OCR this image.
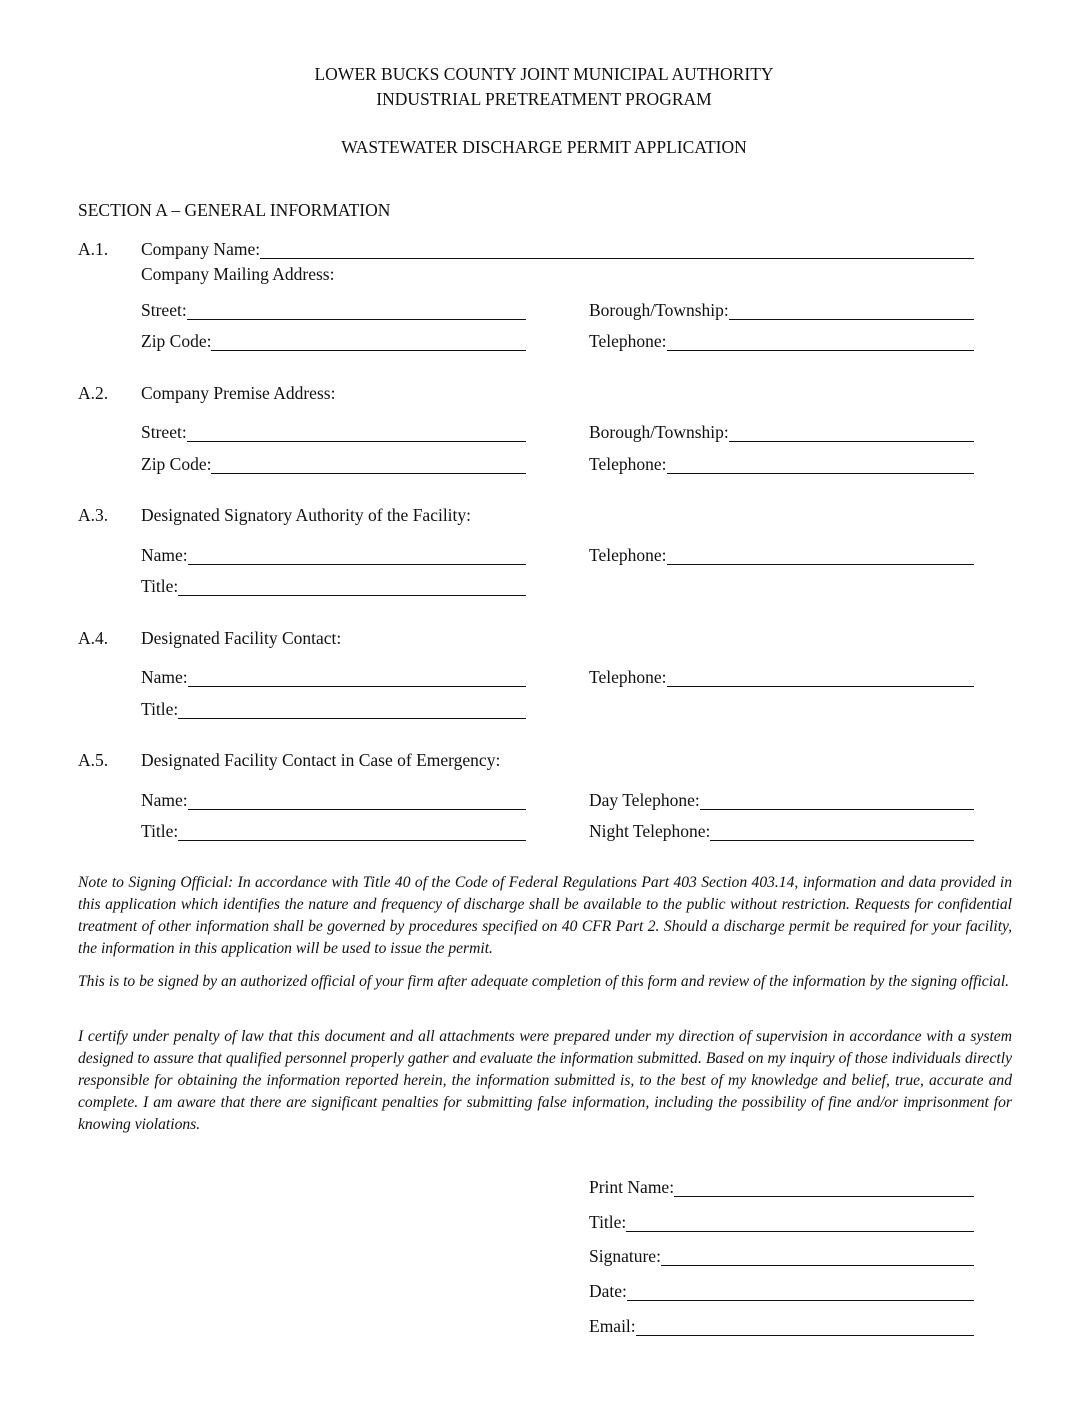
LOWER BUCKS COUNTY JOINT MUNICIPAL AUTHORITY
INDUSTRIAL PRETREATMENT PROGRAM
WASTEWATER DISCHARGE PERMIT APPLICATION
SECTION A – GENERAL INFORMATION
A.1. Company Name:
Company Mailing Address:
Street:	Borough/Township:
Zip Code:	Telephone:
A.2. Company Premise Address:
Street:	Borough/Township:
Zip Code:	Telephone:
A.3. Designated Signatory Authority of the Facility:
Name:	Telephone:
Title:
A.4. Designated Facility Contact:
Name:	Telephone:
Title:
A.5. Designated Facility Contact in Case of Emergency:
Name:	Day Telephone:
Title:	Night Telephone:
Note to Signing Official: In accordance with Title 40 of the Code of Federal Regulations Part 403 Section 403.14, information and data provided in this application which identifies the nature and frequency of discharge shall be available to the public without restriction. Requests for confidential treatment of other information shall be governed by procedures specified on 40 CFR Part 2. Should a discharge permit be required for your facility, the information in this application will be used to issue the permit.
This is to be signed by an authorized official of your firm after adequate completion of this form and review of the information by the signing official.
I certify under penalty of law that this document and all attachments were prepared under my direction of supervision in accordance with a system designed to assure that qualified personnel properly gather and evaluate the information submitted. Based on my inquiry of those individuals directly responsible for obtaining the information reported herein, the information submitted is, to the best of my knowledge and belief, true, accurate and complete. I am aware that there are significant penalties for submitting false information, including the possibility of fine and/or imprisonment for knowing violations.
Print Name:
Title:
Signature:
Date:
Email:
